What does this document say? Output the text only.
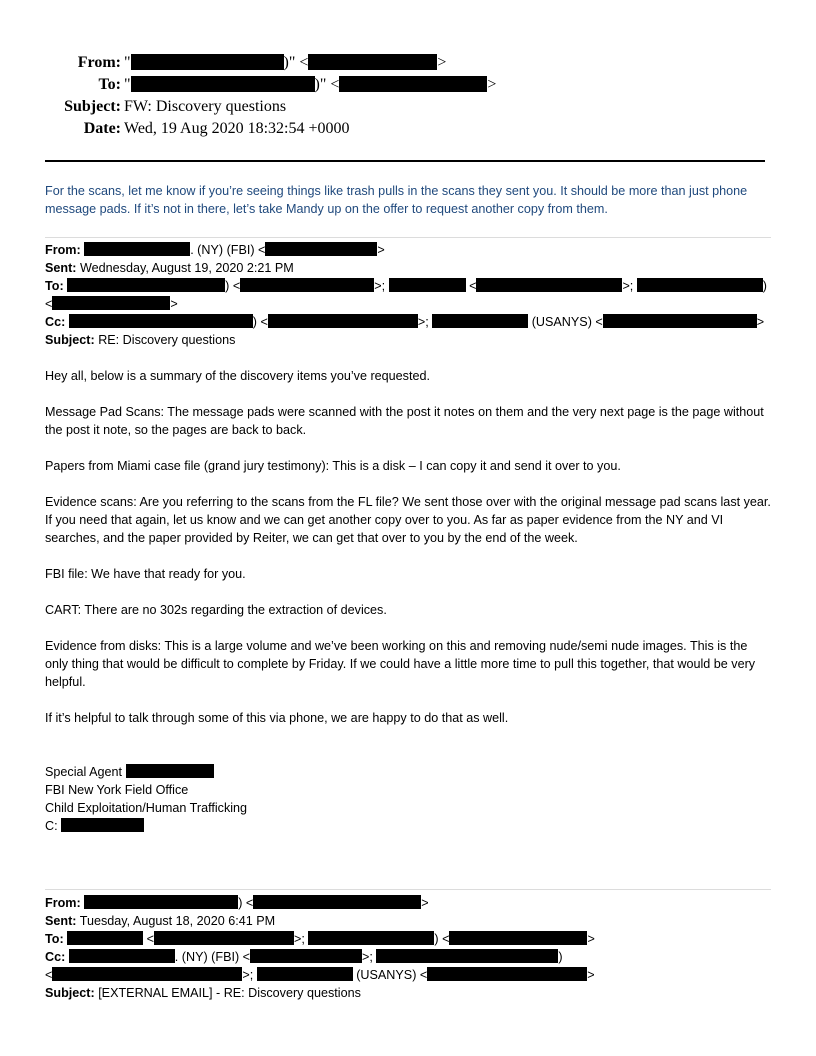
From: "	)" <	>
To: "	)" <	>
Subject: FW: Discovery questions
Date: Wed, 19 Aug 2020 18:32:54 +0000
For the scans, let me know if you’re seeing things like trash pulls in the scans they sent you. It should be more than just phone message pads. If it’s not in there, let’s take Mandy up on the offer to request another copy from them.
From:	. (NY) (FBI) <	>
Sent: Wednesday, August 19, 2020 2:21 PM
To:	) <	>;	<	>;	)
<	>
Cc:	) <	>;	(USANYS) <	>
Subject: RE: Discovery questions

Hey all, below is a summary of the discovery items you’ve requested.

Message Pad Scans: The message pads were scanned with the post it notes on them and the very next page is the page without the post it note, so the pages are back to back.

Papers from Miami case file (grand jury testimony): This is a disk – I can copy it and send it over to you.

Evidence scans: Are you referring to the scans from the FL file? We sent those over with the original message pad scans last year. If you need that again, let us know and we can get another copy over to you. As far as paper evidence from the NY and VI searches, and the paper provided by Reiter, we can get that over to you by the end of the week.

FBI file: We have that ready for you.

CART: There are no 302s regarding the extraction of devices.

Evidence from disks: This is a large volume and we’ve been working on this and removing nude/semi nude images. This is the only thing that would be difficult to complete by Friday. If we could have a little more time to pull this together, that would be very helpful.

If it’s helpful to talk through some of this via phone, we are happy to do that as well.

Special Agent
FBI New York Field Office
Child Exploitation/Human Trafficking
C:
From:	) <	>
Sent: Tuesday, August 18, 2020 6:41 PM
To:	<	>;	) <	>
Cc:	. (NY) (FBI) <	>;	)
<	>;	(USANYS) <	>
Subject: [EXTERNAL EMAIL] - RE: Discovery questions
